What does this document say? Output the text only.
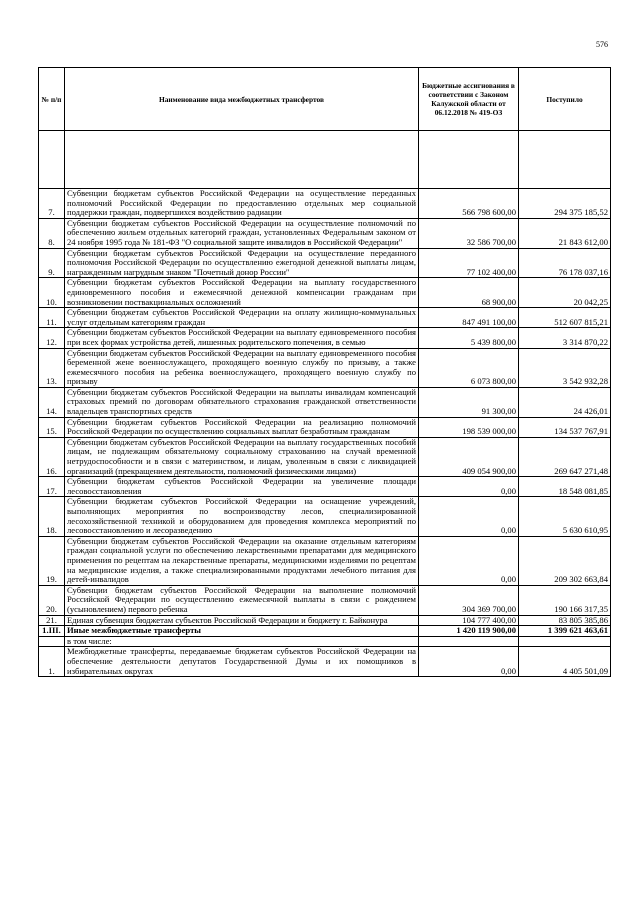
576
№ п/п	Наименование вида межбюджетных трансфертов	Бюджетные ассигнования в соответствии с Законом Калужской области от 06.12.2018 № 419-ОЗ	Поступило

7.	Субвенции бюджетам субъектов Российской Федерации на осуществление переданных полномочий Российской Федерации по предоставлению отдельных мер социальной поддержки граждан, подвергшихся воздействию радиации	566 798 600,00	294 375 185,52
8.	Субвенции бюджетам субъектов Российской Федерации на осуществление полномочий по обеспечению жильем отдельных категорий граждан, установленных Федеральным законом от 24 ноября 1995 года № 181-ФЗ "О социальной защите инвалидов в Российской Федерации"	32 586 700,00	21 843 612,00
9.	Субвенции бюджетам субъектов Российской Федерации на осуществление переданного полномочия Российской Федерации по осуществлению ежегодной денежной выплаты лицам, награжденным нагрудным знаком "Почетный донор России"	77 102 400,00	76 178 037,16
10.	Субвенции бюджетам субъектов Российской Федерации на выплату государственного единовременного пособия и ежемесячной денежной компенсации гражданам при возникновении поствакцинальных осложнений	68 900,00	20 042,25
11.	Субвенции бюджетам субъектов Российской Федерации на оплату жилищно-коммунальных услуг отдельным категориям граждан	847 491 100,00	512 607 815,21
12.	Субвенции бюджетам субъектов Российской Федерации на выплату единовременного пособия при всех формах устройства детей, лишенных родительского попечения, в семью	5 439 800,00	3 314 870,22
13.	Субвенции бюджетам субъектов Российской Федерации на выплату единовременного пособия беременной жене военнослужащего, проходящего военную службу по призыву, а также ежемесячного пособия на ребенка военнослужащего, проходящего военную службу по призыву	6 073 800,00	3 542 932,28
14.	Субвенции бюджетам субъектов Российской Федерации на выплаты инвалидам компенсаций страховых премий по договорам обязательного страхования гражданской ответственности владельцев транспортных средств	91 300,00	24 426,01
15.	Субвенции бюджетам субъектов Российской Федерации на реализацию полномочий Российской Федерации по осуществлению социальных выплат безработным гражданам	198 539 000,00	134 537 767,91
16.	Субвенции бюджетам субъектов Российской Федерации на выплату государственных пособий лицам, не подлежащим обязательному социальному страхованию на случай временной нетрудоспособности и в связи с материнством, и лицам, уволенным в связи с ликвидацией организаций (прекращением деятельности, полномочий физическими лицами)	409 054 900,00	269 647 271,48
17.	Субвенции бюджетам субъектов Российской Федерации на увеличение площади лесовосстановления	0,00	18 548 081,85
18.	Субвенции бюджетам субъектов Российской Федерации на оснащение учреждений, выполняющих мероприятия по воспроизводству лесов, специализированной лесохозяйственной техникой и оборудованием для проведения комплекса мероприятий по лесовосстановлению и лесоразведению	0,00	5 630 610,95
19.	Субвенции бюджетам субъектов Российской Федерации на оказание отдельным категориям граждан социальной услуги по обеспечению лекарственными препаратами для медицинского применения по рецептам на лекарственные препараты, медицинскими изделиями по рецептам на медицинские изделия, а также специализированными продуктами лечебного питания для детей-инвалидов	0,00	209 302 663,84
20.	Субвенции бюджетам субъектов Российской Федерации на выполнение полномочий Российской Федерации по осуществлению ежемесячной выплаты в связи с рождением (усыновлением) первого ребенка	304 369 700,00	190 166 317,35
21.	Единая субвенция бюджетам субъектов Российской Федерации и бюджету г. Байконура	104 777 400,00	83 805 385,86
1.III.	Иные межбюджетные трансферты	1 420 119 900,00	1 399 621 463,61
	в том числе:		
1.	Межбюджетные трансферты, передаваемые бюджетам субъектов Российской Федерации на обеспечение деятельности депутатов Государственной Думы и их помощников в избирательных округах	0,00	4 405 501,09
